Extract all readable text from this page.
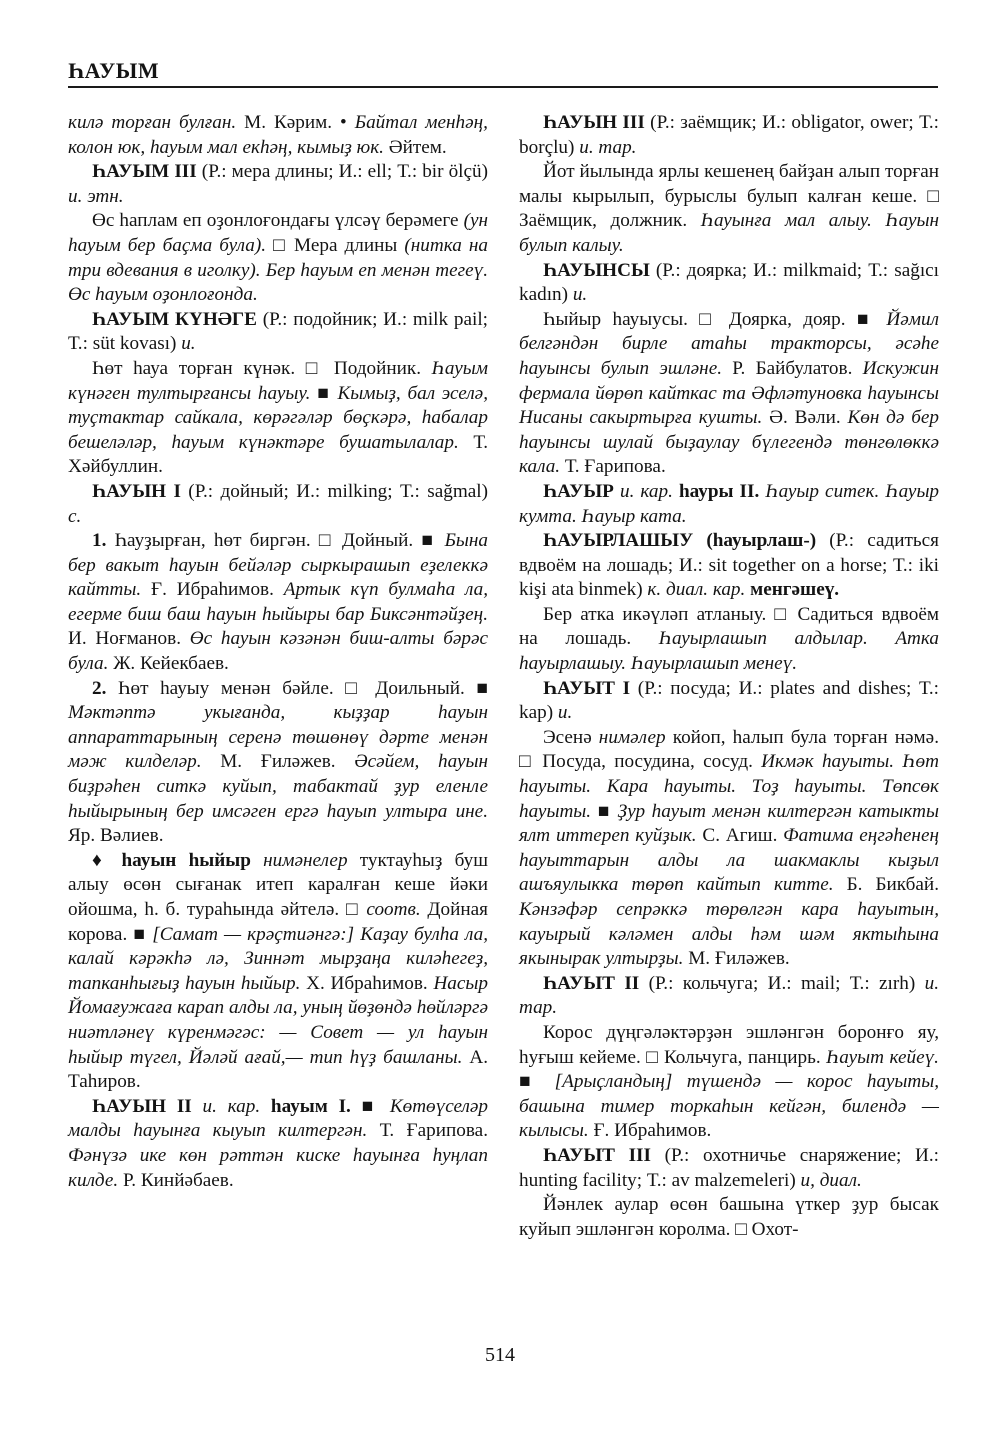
ҺАУЫМ

килә торған булған. М. Кәрим. • Байтал менһәң, колон юк, һауым мал екһәң, кымыҙ юк. Әйтем.

ҺАУЫМ III (Р.: мера длины; И.: ell; Т.: bir ölçü) и. этн.

Өс һаплам еп оҙонлоғондағы үлсәү берәмеге (ун һауым бер баҫма була). □ Мера длины (нитка на три вдевания в иголку). Бер һауым еп менән тегеү. Өс һауым оҙонлоғонда.

ҺАУЫМ КҮНӘГЕ (Р.: подойник; И.: milk pail; Т.: süt kovası) и.

Һөт һауа торған күнәк. □ Подойник. Һауым күнәген тултырғансы һауыу. ■ Кымыҙ, бал эселә, туҫтактар сайкала, көрәгәләр бөҫкәрә, һабалар бешеләләр, һауым күнәктәре бушатылалар. Т. Хәйбуллин.

ҺАУЫН I (Р.: дойный; И.: milking; Т.: sağmal) с.

1. Һауҙырған, һөт биргән. □ Дойный. ■ Бына бер вакыт һауын бейәләр сыркырашып еҙелеккә кайтты. Ғ. Ибраһимов. Артык күп булмаһа ла, егерме биш баш һауын һыйыры бар Биксәнтәйҙең. И. Ноғманов. Өс һауын кәзәнән биш-алты бәрәс була. Ж. Кейекбаев.

2. Һөт һауыу менән бәйле. □ Доильный. ■ Мәктәптә укығанда, кыҙҙар һауын аппараттарының серенә төшөнөү дәрте менән мәж килделәр. М. Ғиләжев. Әсәйем, һауын биҙрәһен ситкә куйып, табактай ҙур еленле һыйырының бер имсәген ергә һауып ултыра ине. Яр. Вәлиев.

♦ һауын һыйыр нимәнелер туктауһыҙ буш алыу өсөн сығанак итеп каралған кеше йәки ойошма, һ. б. тураһында әйтелә. □ соотв. Дойная корова. ■ [Самат — крәҫтиәнгә:] Каҙау булһа ла, калай кәрәкһә лә, Зиннәт мырҙаңа киләһегеҙ, тапканһығыҙ һауын һыйыр. Х. Ибраһимов. Насыр Йомағужаға карап алды ла, уның йөҙөндә һөйләргә ниәтләнеү күренмәгәс: — Совет — ул һауын һыйыр түгел, Йәләй ағай,— тип һүҙ башланы. А. Таһиров.

ҺАУЫН II и. кар. һауым I. ■ Көтөүселәр малды һауынға кыуып килтергән. Т. Ғарипова. Фәнүзә ике көн рәттән киске һауынға һуңлап килде. Р. Кинйәбаев.

ҺАУЫН III (Р.: заёмщик; И.: obligator, ower; Т.: borçlu) и. тар.

Йот йылында ярлы кешенең байҙан алып торған малы кырылып, бурыслы булып калған кеше. □ Заёмщик, должник. Һауынға мал алыу. Һауын булып калыу.

ҺАУЫНСЫ (Р.: доярка; И.: milkmaid; Т.: sağıcı kadın) и.

Һыйыр һауыусы. □ Доярка, дояр. ■ Йәмил белгәндән бирле атаһы тракторсы, әсәһе һауынсы булып эшләне. Р. Байбулатов. Искужин фермала йөрөп кайткас та Әфләтуновка һауынсы Нисаны сакыртырға кушты. Ә. Вәли. Көн дә бер һауынсы шулай быҙаулау бүлегендә төнгөлөккә кала. Т. Ғарипова.

ҺАУЫР и. кар. һауры II. Һауыр ситек. Һауыр кумта. Һауыр ката.

ҺАУЫРЛАШЫУ (һауырлаш-) (Р.: садиться вдвоём на лошадь; И.: sit together on a horse; Т.: iki kişi ata binmek) к. диал. кар. менгәшеү.

Бер атка икәүләп атланыу. □ Садиться вдвоём на лошадь. Һауырлашып алдылар. Атка һауырлашыу. Һауырлашып менеү.

ҺАУЫТ I (Р.: посуда; И.: plates and dishes; Т.: kap) и.

Эсенә нимәлер койоп, һалып була торған нәмә. □ Посуда, посудина, сосуд. Икмәк һауыты. Һөт һауыты. Кара һауыты. Тоҙ һауыты. Төпсөк һауыты. ■ Ҙур һауыт менән килтергән катыкты ялт иттереп куйҙык. С. Агиш. Фатима еңгәһенең һауыттарын алды ла шакмаклы кыҙыл ашъяулыкка төрөп кайтып китте. Б. Бикбай. Кәнзәфәр сепрәккә төрөлгән кара һауытын, кауырый кәләмен алды һәм шәм яктыһына якынырак ултырҙы. М. Ғиләжев.

ҺАУЫТ II (Р.: кольчуга; И.: mail; Т.: zırh) и. тар.

Корос дүңгәләктәрҙән эшләнгән боронғо яу, һуғыш кейеме. □ Кольчуга, панцирь. Һауыт кейеү. ■ [Арыҫландың] түшендә — корос һауыты, башына тимер торкаһын кейгән, билендә — кылысы. Ғ. Ибраһимов.

ҺАУЫТ III (Р.: охотничье снаряжение; И.: hunting facility; Т.: av malzemeleri) и, диал.

Йәнлек аулар өсөн башына үткер ҙур бысак куйып эшләнгән королма. □ Охот-

514
